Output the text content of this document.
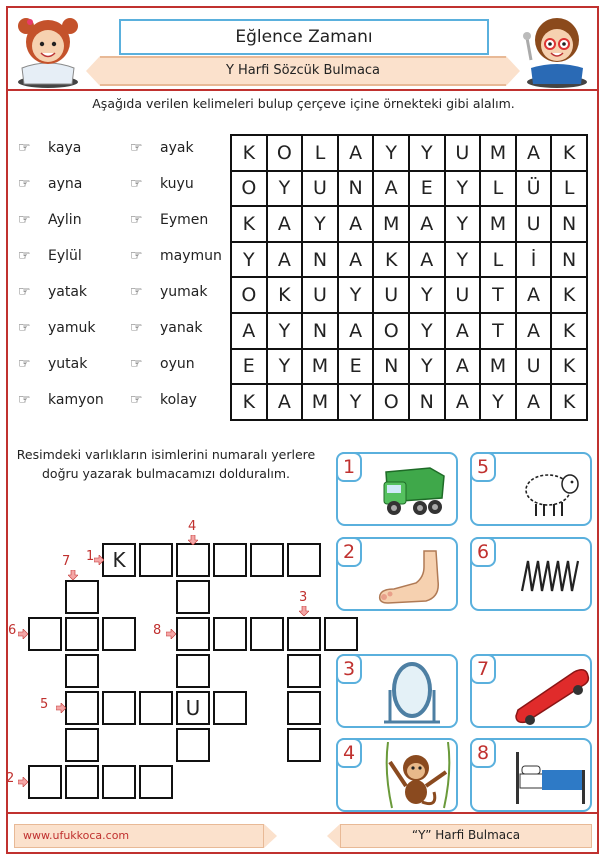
Eğlence Zamanı
Y Harfi Sözcük Bulmaca
Aşağıda verilen kelimeleri bulup çerçeve içine örnekteki gibi alalım.
☞ kaya
☞ ayna
☞ Aylin
☞ Eylül
☞ yatak
☞ yamuk
☞ yutak
☞ kamyon
☞ ayak
☞ kuyu
☞ Eymen
☞ maymun
☞ yumak
☞ yanak
☞ oyun
☞ kolay
K	O	L	A	Y	Y	U	M	A	K
O	Y	U	N	A	E	Y	L	Ü	L
K	A	Y	A	M	A	Y	M	U	N
Y	A	N	A	K	A	Y	L	İ	N
O	K	U	Y	U	Y	U	T	A	K
A	Y	N	A	O	Y	A	T	A	K
E	Y	M	E	N	Y	A	M	U	K
K	A	M	Y	O	N	A	Y	A	K
Resimdeki varlıkların isimlerini numaralı yerlere doğru yazarak bulmacamızı dolduralım.
K
U
1
2
3
4
5
6
7
8
1	5
2	6
3	7
4	8
www.ufukkoca.com	“Y” Harfi Bulmaca
